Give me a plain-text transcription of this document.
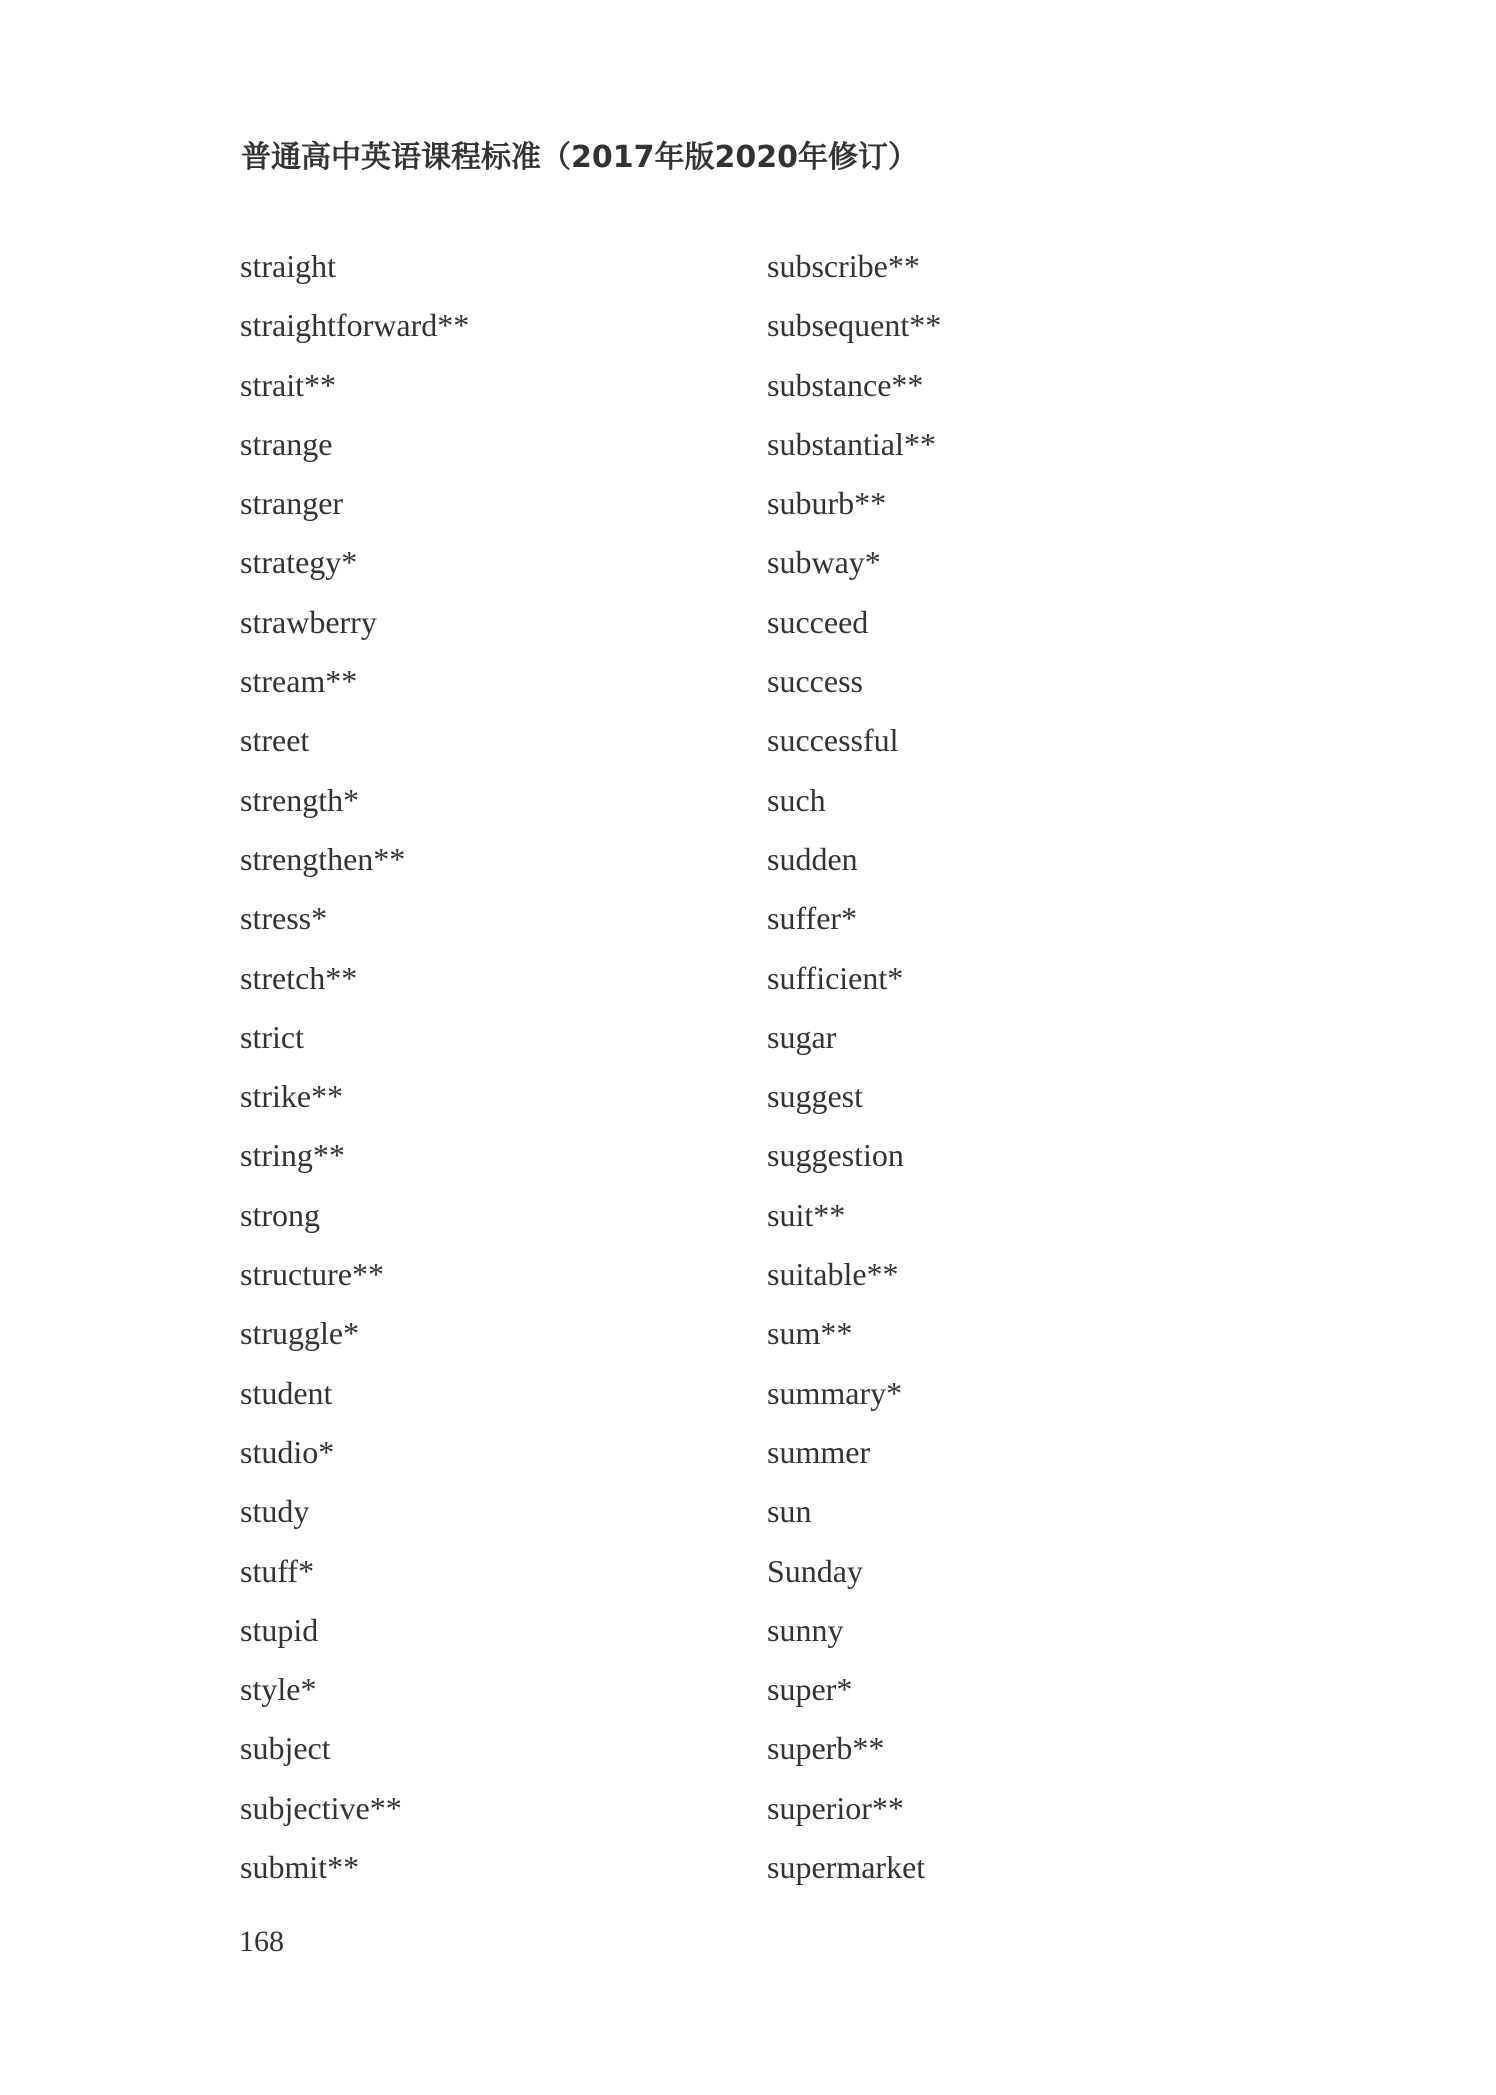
普通高中英语课程标准（2017年版2020年修订）
straight
straightforward**
strait**
strange
stranger
strategy*
strawberry
stream**
street
strength*
strengthen**
stress*
stretch**
strict
strike**
string**
strong
structure**
struggle*
student
studio*
study
stuff*
stupid
style*
subject
subjective**
submit**
subscribe**
subsequent**
substance**
substantial**
suburb**
subway*
succeed
success
successful
such
sudden
suffer*
sufficient*
sugar
suggest
suggestion
suit**
suitable**
sum**
summary*
summer
sun
Sunday
sunny
super*
superb**
superior**
supermarket
168
